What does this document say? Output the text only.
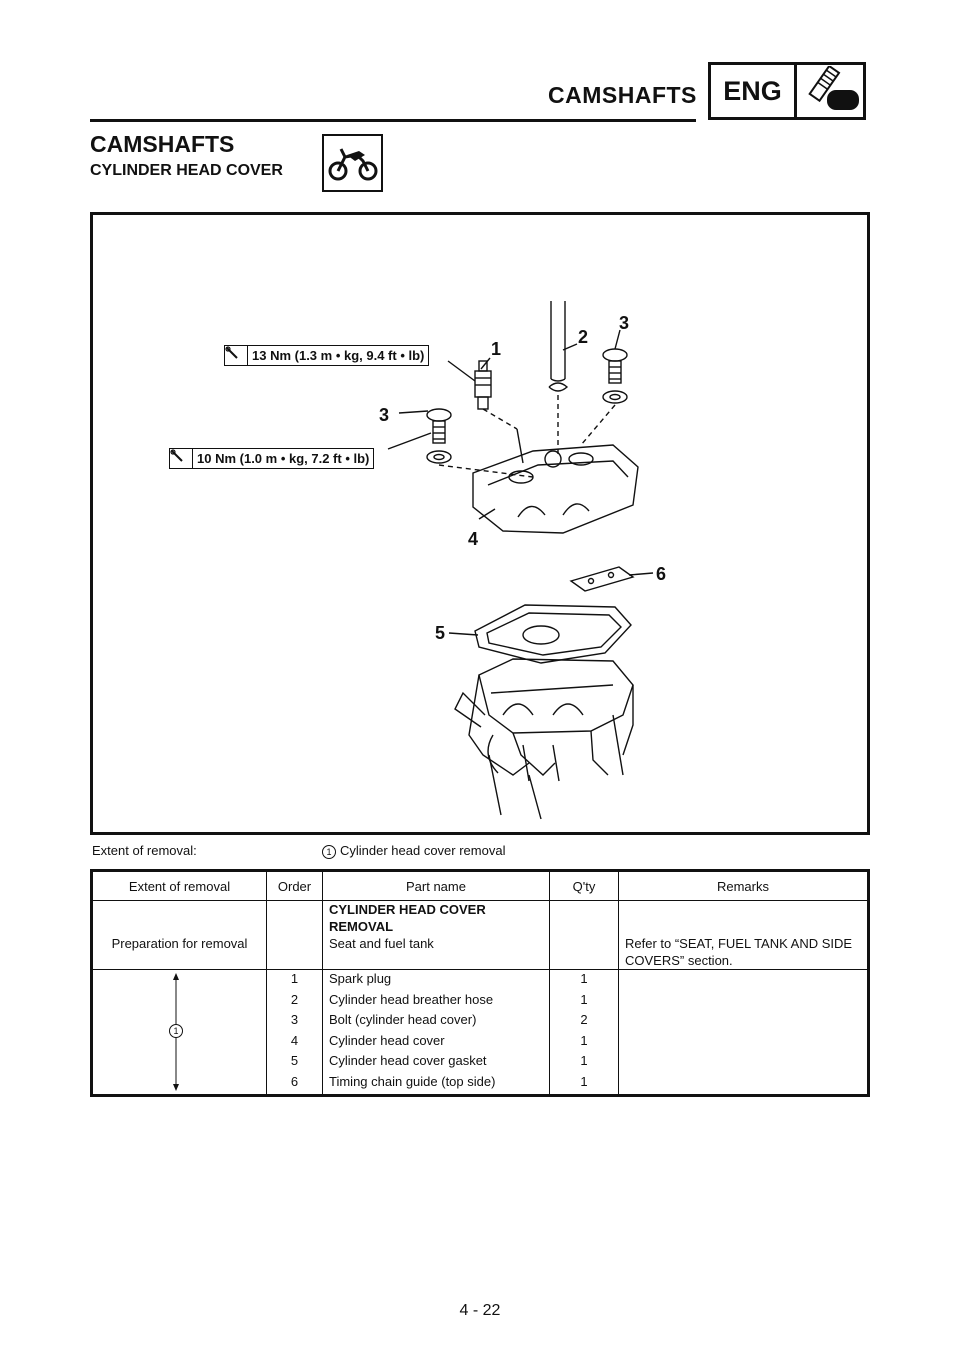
CAMSHAFTS ENG
CAMSHAFTS
CYLINDER HEAD COVER
13 Nm (1.3 m • kg, 9.4 ft • lb)
10 Nm (1.0 m • kg, 7.2 ft • lb)
1
2
3
3
4
5
6
Extent of removal:	1 Cylinder head cover removal
Extent of removal	Order	Part name	Q'ty	Remarks
		CYLINDER HEAD COVER
REMOVAL		
Preparation for removal		Seat and fuel tank		Refer to “SEAT, FUEL TANK AND SIDE
COVERS” section.

1	1	Spark plug	1	
	2	Cylinder head breather hose	1	
	3	Bolt (cylinder head cover)	2	
	4	Cylinder head cover	1	
	5	Cylinder head cover gasket	1	
	6	Timing chain guide (top side)	1	
4 - 22
